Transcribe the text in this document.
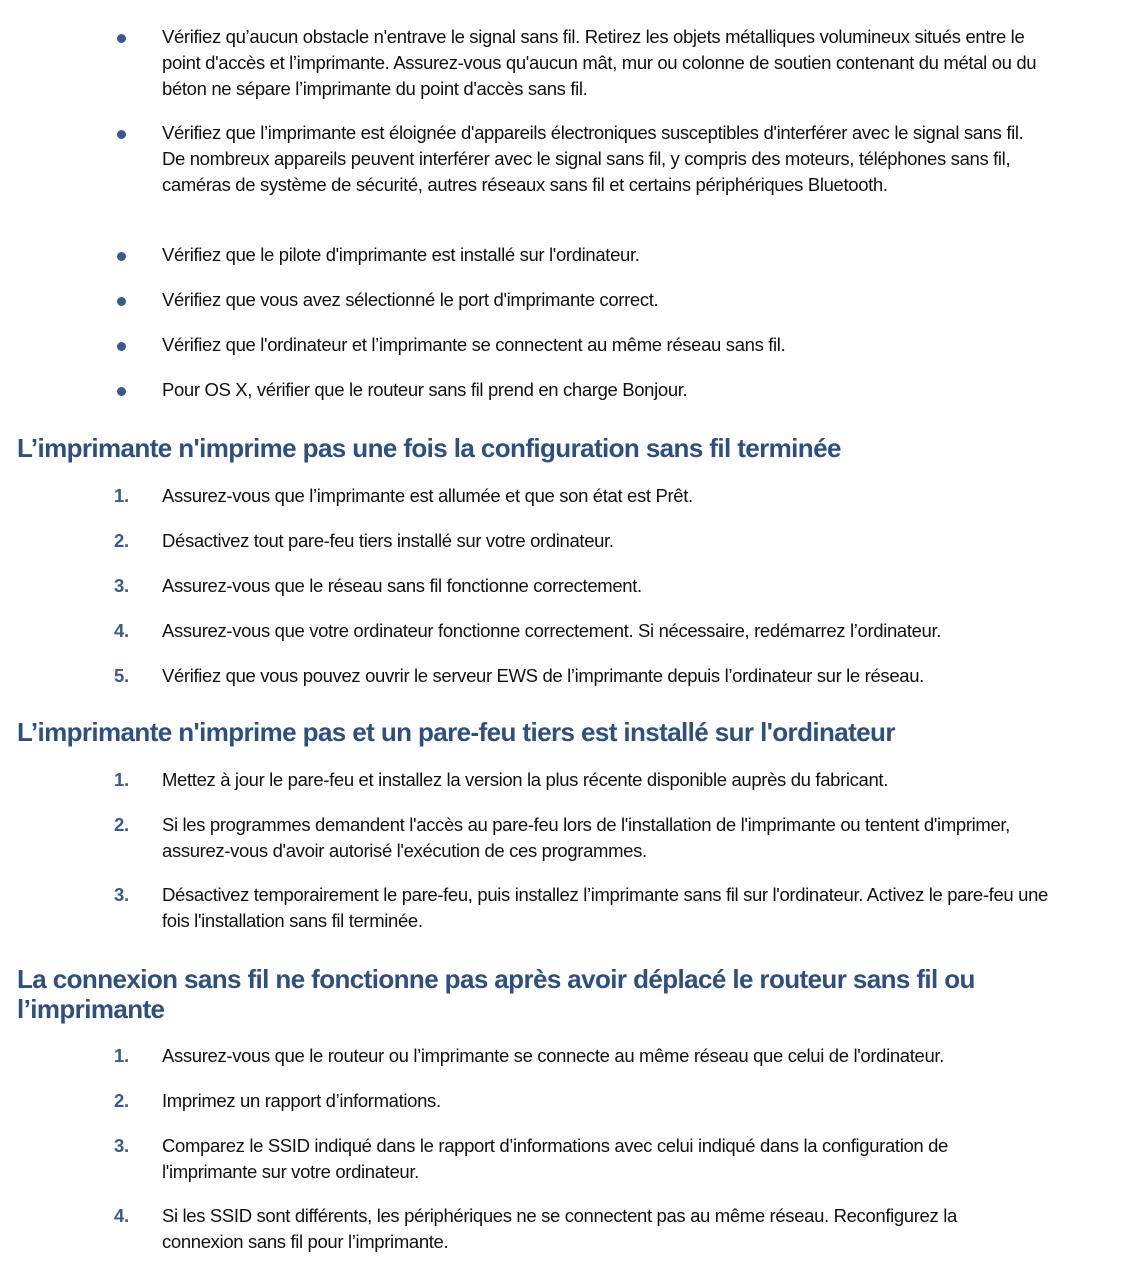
Vérifiez qu’aucun obstacle n'entrave le signal sans fil. Retirez les objets métalliques volumineux situés entre le point d'accès et l’imprimante. Assurez-vous qu'aucun mât, mur ou colonne de soutien contenant du métal ou du béton ne sépare l’imprimante du point d'accès sans fil.
Vérifiez que l’imprimante est éloignée d'appareils électroniques susceptibles d'interférer avec le signal sans fil. De nombreux appareils peuvent interférer avec le signal sans fil, y compris des moteurs, téléphones sans fil, caméras de système de sécurité, autres réseaux sans fil et certains périphériques Bluetooth.
Vérifiez que le pilote d'imprimante est installé sur l'ordinateur.
Vérifiez que vous avez sélectionné le port d'imprimante correct.
Vérifiez que l'ordinateur et l’imprimante se connectent au même réseau sans fil.
Pour OS X, vérifier que le routeur sans fil prend en charge Bonjour.
L’imprimante n'imprime pas une fois la configuration sans fil terminée
1. Assurez-vous que l’imprimante est allumée et que son état est Prêt.
2. Désactivez tout pare-feu tiers installé sur votre ordinateur.
3. Assurez-vous que le réseau sans fil fonctionne correctement.
4. Assurez-vous que votre ordinateur fonctionne correctement. Si nécessaire, redémarrez l’ordinateur.
5. Vérifiez que vous pouvez ouvrir le serveur EWS de l’imprimante depuis l’ordinateur sur le réseau.
L’imprimante n'imprime pas et un pare-feu tiers est installé sur l'ordinateur
1. Mettez à jour le pare-feu et installez la version la plus récente disponible auprès du fabricant.
2. Si les programmes demandent l'accès au pare-feu lors de l'installation de l'imprimante ou tentent d'imprimer, assurez-vous d'avoir autorisé l'exécution de ces programmes.
3. Désactivez temporairement le pare-feu, puis installez l’imprimante sans fil sur l'ordinateur. Activez le pare-feu une fois l'installation sans fil terminée.
La connexion sans fil ne fonctionne pas après avoir déplacé le routeur sans fil ou l’imprimante
1. Assurez-vous que le routeur ou l’imprimante se connecte au même réseau que celui de l'ordinateur.
2. Imprimez un rapport d’informations.
3. Comparez le SSID indiqué dans le rapport d’informations avec celui indiqué dans la configuration de l'imprimante sur votre ordinateur.
4. Si les SSID sont différents, les périphériques ne se connectent pas au même réseau. Reconfigurez la connexion sans fil pour l’imprimante.
